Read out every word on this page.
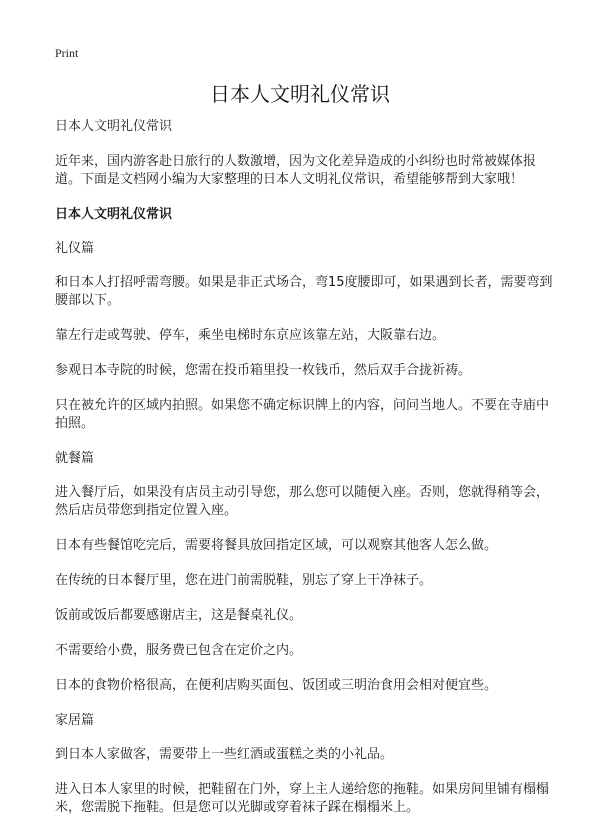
Print
日本人文明礼仪常识

日本人文明礼仪常识

近年来，国内游客赴日旅行的人数激增，因为文化差异造成的小纠纷也时常被媒体报道。下面是文档网小编为大家整理的日本人文明礼仪常识，希望能够帮到大家哦！

日本人文明礼仪常识

礼仪篇

和日本人打招呼需弯腰。如果是非正式场合，弯15度腰即可，如果遇到长者，需要弯到腰部以下。

靠左行走或驾驶、停车，乘坐电梯时东京应该靠左站，大阪靠右边。

参观日本寺院的时候，您需在投币箱里投一枚钱币，然后双手合拢祈祷。

只在被允许的区域内拍照。如果您不确定标识牌上的内容，问问当地人。不要在寺庙中拍照。

就餐篇

进入餐厅后，如果没有店员主动引导您，那么您可以随便入座。否则，您就得稍等会，然后店员带您到指定位置入座。

日本有些餐馆吃完后，需要将餐具放回指定区域，可以观察其他客人怎么做。

在传统的日本餐厅里，您在进门前需脱鞋，别忘了穿上干净袜子。

饭前或饭后都要感谢店主，这是餐桌礼仪。

不需要给小费，服务费已包含在定价之内。

日本的食物价格很高，在便利店购买面包、饭团或三明治食用会相对便宜些。

家居篇

到日本人家做客，需要带上一些红酒或蛋糕之类的小礼品。

进入日本人家里的时候，把鞋留在门外，穿上主人递给您的拖鞋。如果房间里铺有榻榻米，您需脱下拖鞋。但是您可以光脚或穿着袜子踩在榻榻米上。
